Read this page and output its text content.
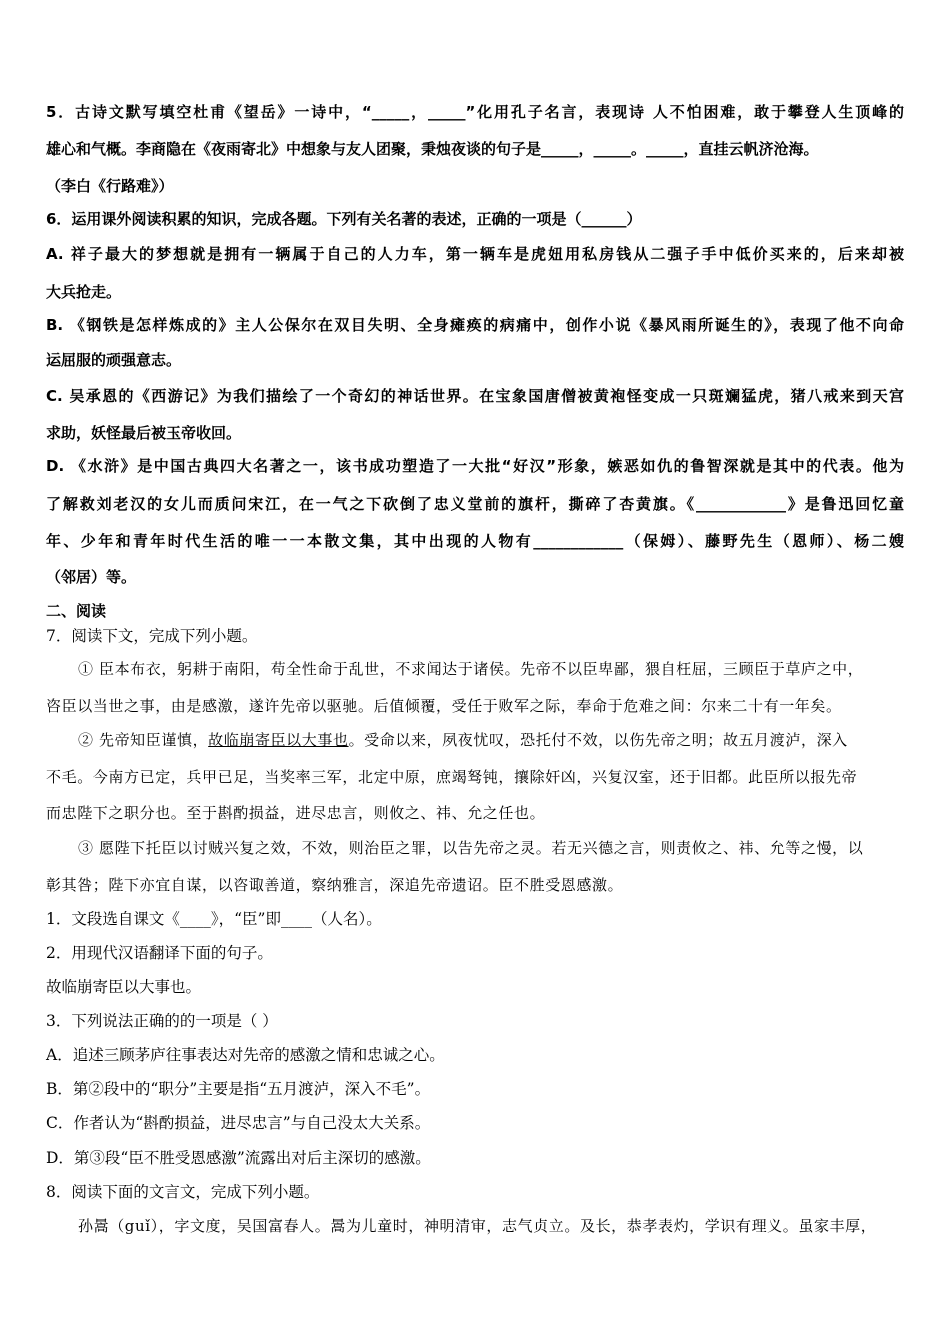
5．古诗文默写填空杜甫《望岳》一诗中，“_____，_____”化用孔子名言，表现诗 人不怕困难，敢于攀登人生顶峰的
雄心和气概。李商隐在《夜雨寄北》中想象与友人团聚，秉烛夜谈的句子是_____，_____。_____，直挂云帆济沧海。
（李白《行路难》）
6．运用课外阅读积累的知识，完成各题。下列有关名著的表述，正确的一项是（______）
A. 祥子最大的梦想就是拥有一辆属于自己的人力车，第一辆车是虎妞用私房钱从二强子手中低价买来的，后来却被
大兵抢走。
B. 《钢铁是怎样炼成的》主人公保尔在双目失明、全身瘫痪的病痛中，创作小说《暴风雨所诞生的》，表现了他不向命
运屈服的顽强意志。
C. 吴承恩的《西游记》为我们描绘了一个奇幻的神话世界。在宝象国唐僧被黄袍怪变成一只斑斓猛虎，猪八戒来到天宫
求助，妖怪最后被玉帝收回。
D. 《水浒》是中国古典四大名著之一，该书成功塑造了一大批“好汉”形象，嫉恶如仇的鲁智深就是其中的代表。他为
了解救刘老汉的女儿而质问宋江，在一气之下砍倒了忠义堂前的旗杆，撕碎了杏黄旗。《____________》是鲁迅回忆童
年、少年和青年时代生活的唯一一本散文集，其中出现的人物有____________（保姆）、藤野先生（恩师）、杨二嫂
（邻居）等。
二、阅读
7．阅读下文，完成下列小题。
① 臣本布衣，躬耕于南阳，苟全性命于乱世，不求闻达于诸侯。先帝不以臣卑鄙，猥自枉屈，三顾臣于草庐之中，
咨臣以当世之事，由是感激，遂许先帝以驱驰。后值倾覆，受任于败军之际，奉命于危难之间：尔来二十有一年矣。
② 先帝知臣谨慎，故临崩寄臣以大事也。受命以来，夙夜忧叹，恐托付不效，以伤先帝之明；故五月渡泸，深入
不毛。今南方已定，兵甲已足，当奖率三军，北定中原，庶竭驽钝，攘除奸凶，兴复汉室，还于旧都。此臣所以报先帝
而忠陛下之职分也。至于斟酌损益，进尽忠言，则攸之、祎、允之任也。
③ 愿陛下托臣以讨贼兴复之效，不效，则治臣之罪，以告先帝之灵。若无兴德之言，则责攸之、祎、允等之慢，以
彰其咎；陛下亦宜自谋，以咨诹善道，察纳雅言，深追先帝遗诏。臣不胜受恩感激。
1．文段选自课文《____》，“臣”即____（人名）。
2．用现代汉语翻译下面的句子。
故临崩寄臣以大事也。
3．下列说法正确的的一项是（ ）
A．追述三顾茅庐往事表达对先帝的感激之情和忠诚之心。
B．第②段中的“职分”主要是指“五月渡泸，深入不毛”。
C．作者认为“斟酌损益，进尽忠言”与自己没太大关系。
D．第③段“臣不胜受恩感激”流露出对后主深切的感激。
8．阅读下面的文言文，完成下列小题。
孙暠（guǐ），字文度，吴国富春人。暠为儿童时，神明清审，志气贞立。及长，恭孝表灼，学识有理义。虽家丰厚，
